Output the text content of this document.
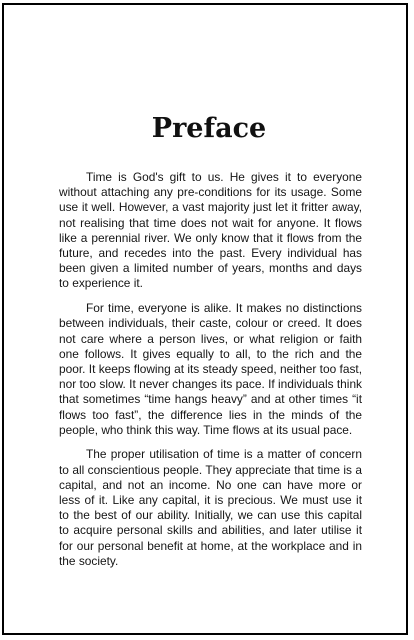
Preface

Time is God's gift to us. He gives it to everyone without attaching any pre-conditions for its usage. Some use it well. However, a vast majority just let it fritter away, not realising that time does not wait for anyone. It flows like a perennial river. We only know that it flows from the future, and recedes into the past. Every individual has been given a limited number of years, months and days to experience it.

For time, everyone is alike. It makes no distinctions between individuals, their caste, colour or creed. It does not care where a person lives, or what religion or faith one follows. It gives equally to all, to the rich and the poor. It keeps flowing at its steady speed, neither too fast, nor too slow. It never changes its pace. If individuals think that sometimes “time hangs heavy” and at other times “it flows too fast”, the difference lies in the minds of the people, who think this way. Time flows at its usual pace.

The proper utilisation of time is a matter of concern to all conscientious people. They appreciate that time is a capital, and not an income. No one can have more or less of it. Like any capital, it is precious. We must use it to the best of our ability. Initially, we can use this capital to acquire personal skills and abilities, and later utilise it for our personal benefit at home, at the workplace and in the society.
